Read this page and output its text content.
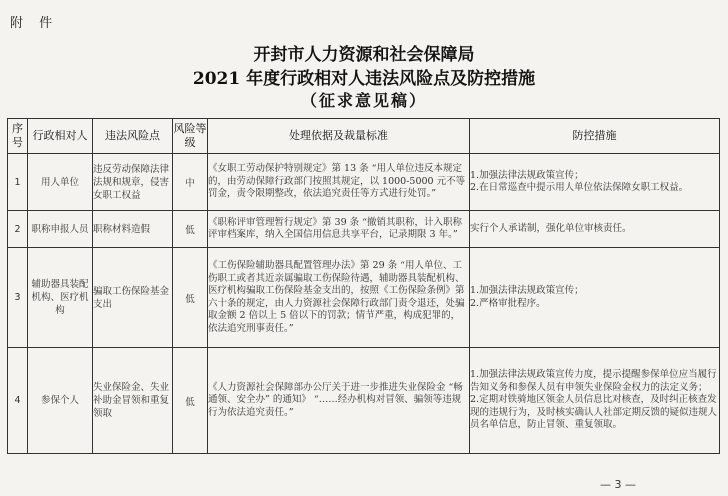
附 件
开封市人力资源和社会保障局
2021 年度行政相对人违法风险点及防控措施
（征求意见稿）
序号	行政相对人	违法风险点	风险等级	处理依据及裁量标准	防控措施
1	用人单位	违反劳动保障法律法规和规章，侵害女职工权益	中	《女职工劳动保护特别规定》第 13 条 “用人单位违反本规定的，由劳动保障行政部门按照其规定，以 1000-5000 元不等罚金，责令限期整改，依法追究责任等方式进行处罚。”	1.加强法律法规政策宣传；
2.在日常巡查中提示用人单位依法保障女职工权益。
2	职称申报人员	职称材料造假	低	《职称评审管理暂行规定》第 39 条 “撤销其职称，计入职称评审档案库，纳入全国信用信息共享平台，记录期限 3 年。”	实行个人承诺制，强化单位审核责任。
3	辅助器具装配机构、医疗机构	骗取工伤保险基金支出	低	《工伤保险辅助器具配置管理办法》第 29 条 “用人单位、工伤职工或者其近亲属骗取工伤保险待遇，辅助器具装配机构、医疗机构骗取工伤保险基金支出的，按照《工伤保险条例》第六十条的规定，由人力资源社会保障行政部门责令退还，处骗取金额 2 倍以上 5 倍以下的罚款；情节严重，构成犯罪的，依法追究刑事责任。”	1.加强法律法规政策宣传；
2.严格审批程序。
4	参保个人	失业保险金、失业补助金冒领和重复领取	低	《人力资源社会保障部办公厅关于进一步推进失业保险金 “畅通领、安全办” 的通知》 “……经办机构对冒领、骗领等违规行为依法追究责任。”	1.加强法律法规政策宣传力度，提示提醒参保单位应当履行告知义务和参保人员有申领失业保险金权力的法定义务；
2.定期对铁骑地区领金人员信息比对核查，及时纠正核查发现的违规行为，及时核实确认人社部定期反馈的疑似违规人员名单信息，防止冒领、重复领取。
— 3 —
